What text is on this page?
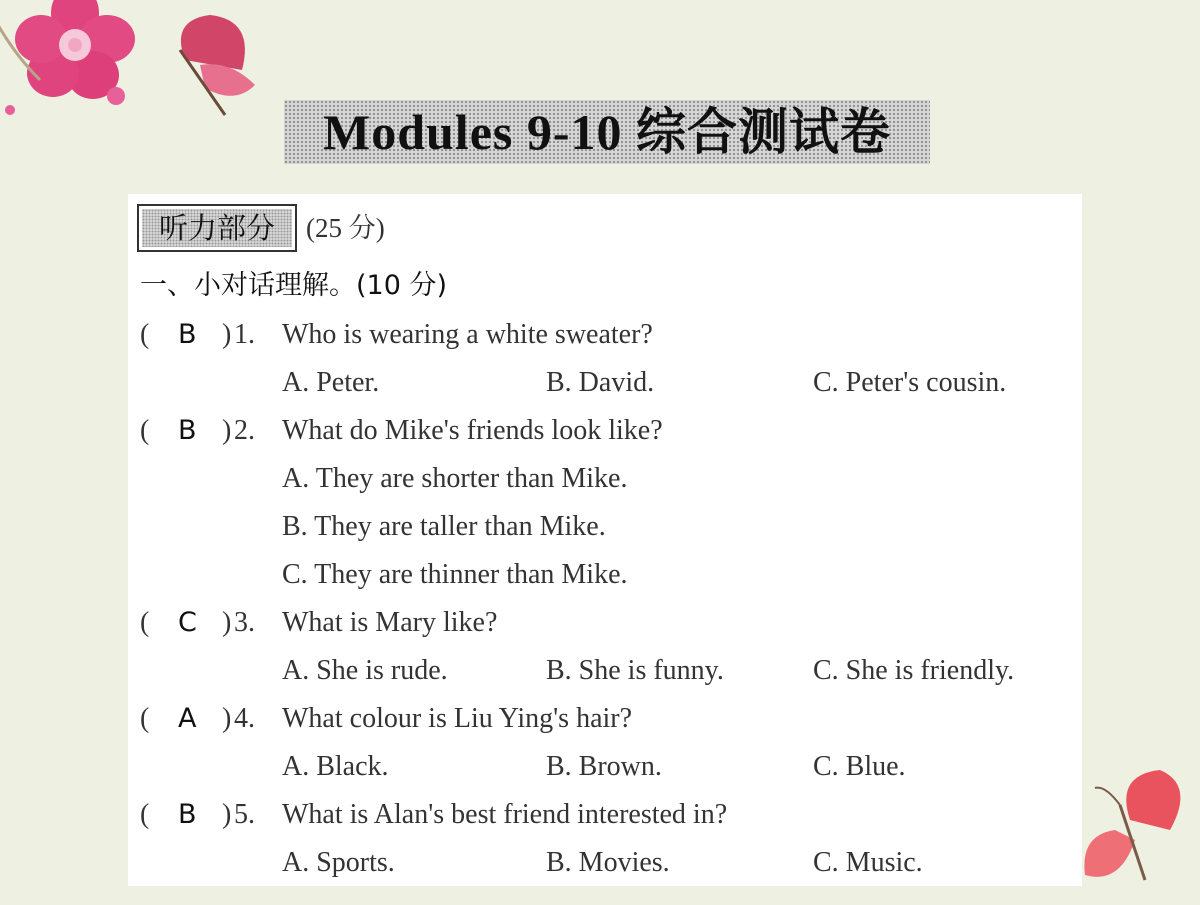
Modules 9-10 综合测试卷
听力部分	(25 分)
一、小对话理解。(10 分)
( B ) 1. Who is wearing a white sweater?
A. Peter.	B. David.	C. Peter's cousin.
( B ) 2. What do Mike's friends look like?
A. They are shorter than Mike.
B. They are taller than Mike.
C. They are thinner than Mike.
( C ) 3. What is Mary like?
A. She is rude.	B. She is funny.	C. She is friendly.
( A ) 4. What colour is Liu Ying's hair?
A. Black.	B. Brown.	C. Blue.
( B ) 5. What is Alan's best friend interested in?
A. Sports.	B. Movies.	C. Music.
